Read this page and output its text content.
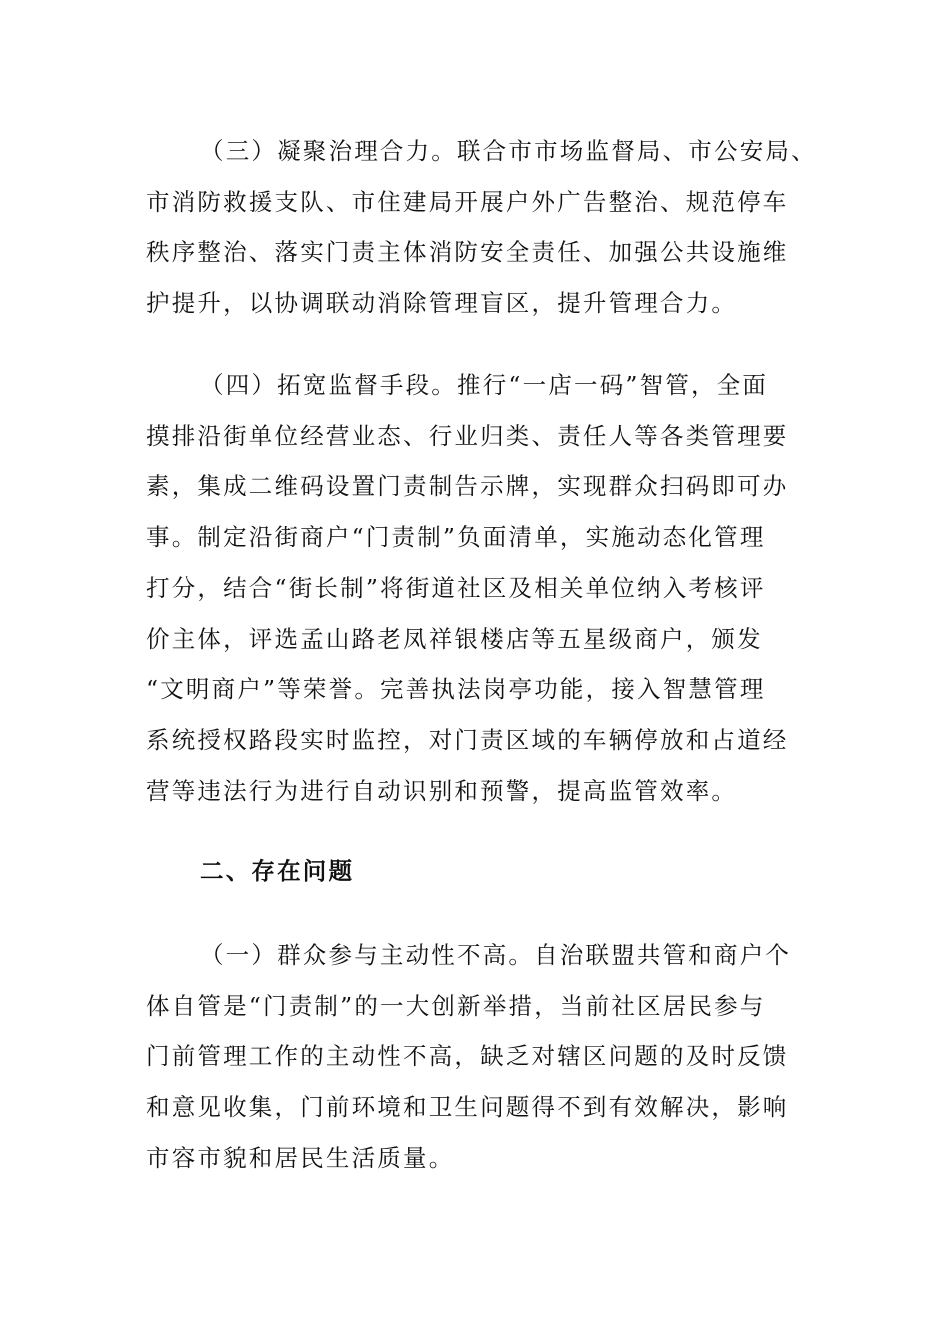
（三）凝聚治理合力。联合市市场监督局、市公安局、
市消防救援支队、市住建局开展户外广告整治、规范停车
秩序整治、落实门责主体消防安全责任、加强公共设施维
护提升，以协调联动消除管理盲区，提升管理合力。
（四）拓宽监督手段。推行“一店一码”智管，全面
摸排沿街单位经营业态、行业归类、责任人等各类管理要
素，集成二维码设置门责制告示牌，实现群众扫码即可办
事。制定沿街商户“门责制”负面清单，实施动态化管理
打分，结合“街长制”将街道社区及相关单位纳入考核评
价主体，评选孟山路老凤祥银楼店等五星级商户，颁发
“文明商户”等荣誉。完善执法岗亭功能，接入智慧管理
系统授权路段实时监控，对门责区域的车辆停放和占道经
营等违法行为进行自动识别和预警，提高监管效率。
二、存在问题
（一）群众参与主动性不高。自治联盟共管和商户个
体自管是“门责制”的一大创新举措，当前社区居民参与
门前管理工作的主动性不高，缺乏对辖区问题的及时反馈
和意见收集，门前环境和卫生问题得不到有效解决，影响
市容市貌和居民生活质量。
